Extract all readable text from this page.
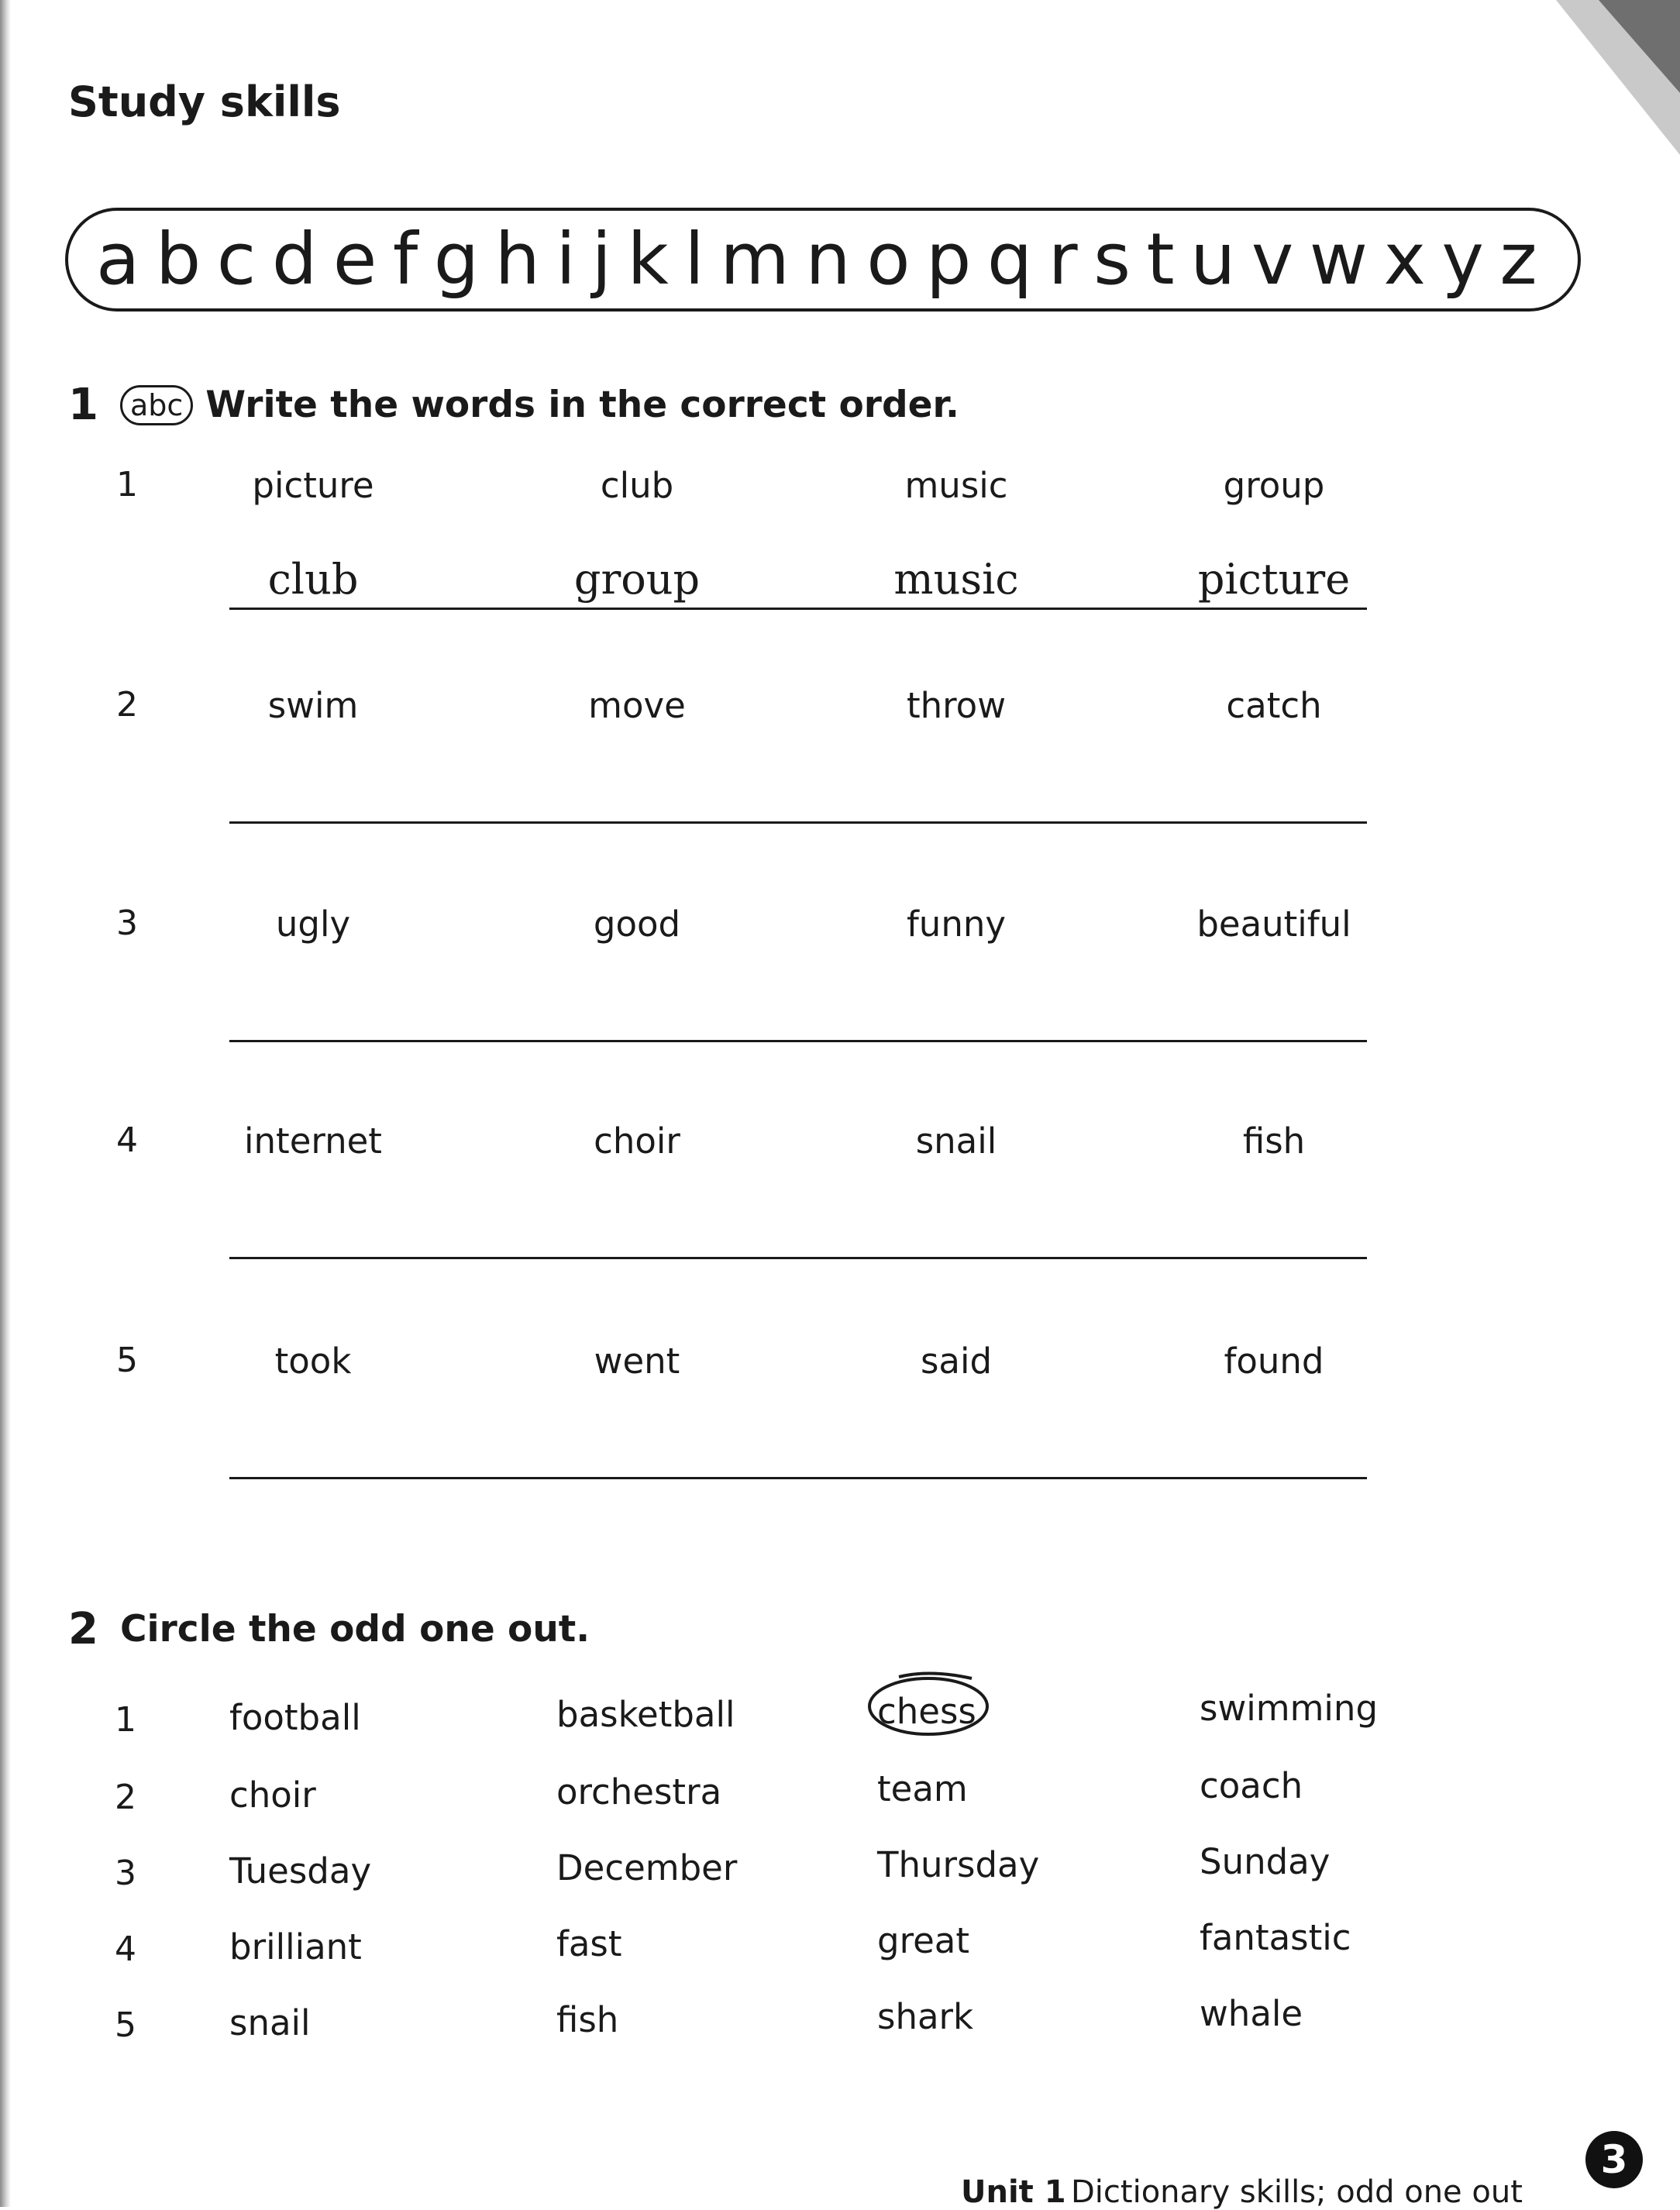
Study skills
a b c d e f g h i j k l m n o p q r s t u v w x y z
1	abc Write the words in the correct order.
1	picture	club	music	group
club	group	music	picture
2	swim	move	throw	catch
3	ugly	good	funny	beautiful
4	internet	choir	snail	fish
5	took	went	said	found
2 Circle the odd one out.
1	football	basketball	chess	swimming
2	choir	orchestra	team	coach
3	Tuesday	December	Thursday	Sunday
4	brilliant	fast	great	fantastic
5	snail	fish	shark	whale
Unit 1 Dictionary skills; odd one out
3
